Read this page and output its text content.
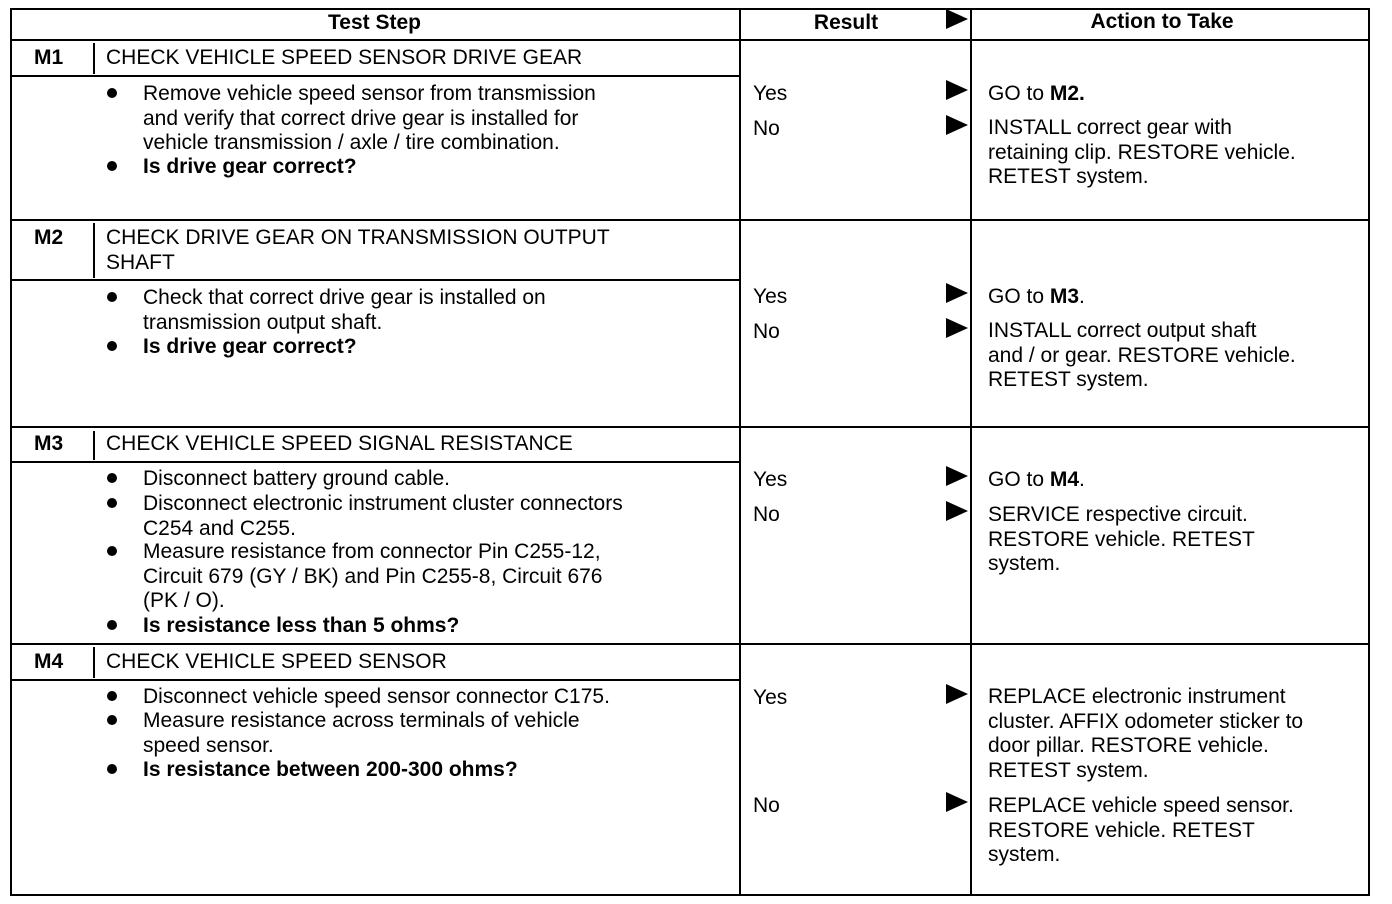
Test Step	Result	Action to Take
M1 CHECK VEHICLE SPEED SENSOR DRIVE GEAR
Remove vehicle speed sensor from transmission
and verify that correct drive gear is installed for
vehicle transmission / axle / tire combination.
Is drive gear correct?
Yes	GO to M2.
No	INSTALL correct gear with
retaining clip. RESTORE vehicle.
RETEST system.
M2 CHECK DRIVE GEAR ON TRANSMISSION OUTPUT
SHAFT
Check that correct drive gear is installed on
transmission output shaft.
Is drive gear correct?
Yes	GO to M3.
No	INSTALL correct output shaft
and / or gear. RESTORE vehicle.
RETEST system.
M3 CHECK VEHICLE SPEED SIGNAL RESISTANCE
Disconnect battery ground cable.
Disconnect electronic instrument cluster connectors
C254 and C255.
Measure resistance from connector Pin C255-12,
Circuit 679 (GY / BK) and Pin C255-8, Circuit 676
(PK / O).
Is resistance less than 5 ohms?
Yes	GO to M4.
No	SERVICE respective circuit.
RESTORE vehicle. RETEST
system.
M4 CHECK VEHICLE SPEED SENSOR
Disconnect vehicle speed sensor connector C175.
Measure resistance across terminals of vehicle
speed sensor.
Is resistance between 200-300 ohms?
Yes	REPLACE electronic instrument
cluster. AFFIX odometer sticker to
door pillar. RESTORE vehicle.
RETEST system.
No	REPLACE vehicle speed sensor.
RESTORE vehicle. RETEST
system.
